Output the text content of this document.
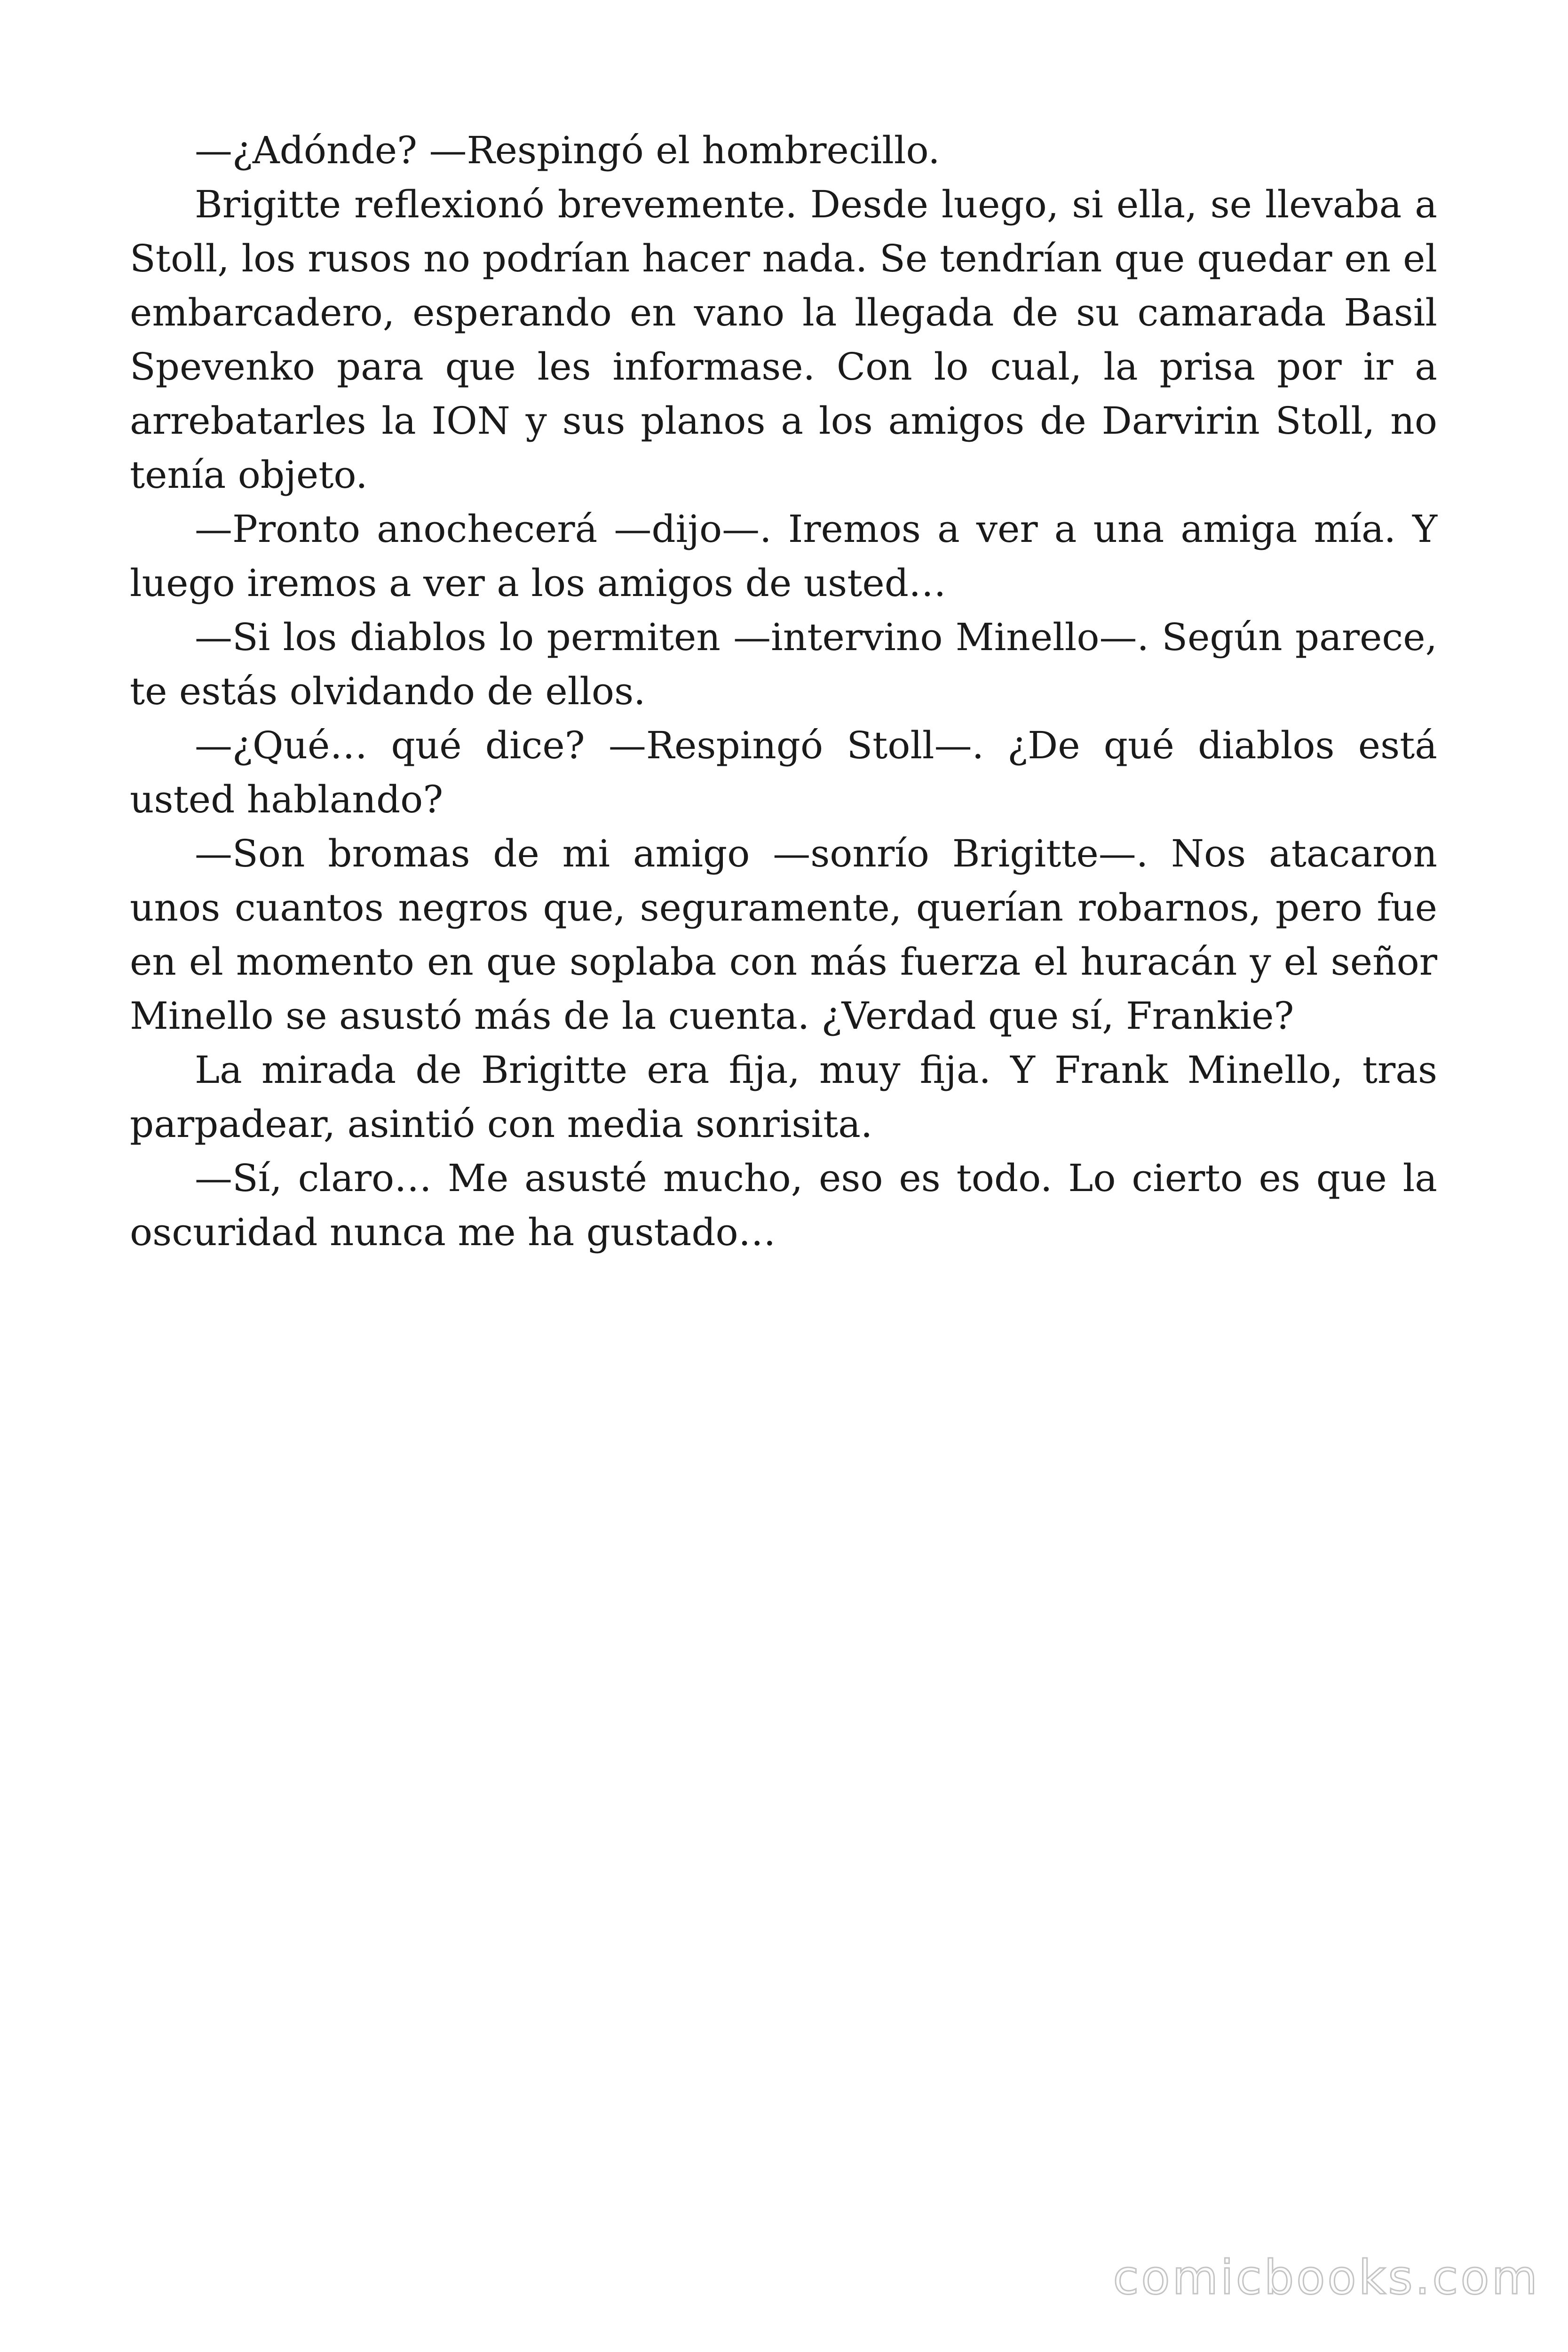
—¿Adónde? —Respingó el hombrecillo.

Brigitte reflexionó brevemente. Desde luego, si ella, se llevaba a Stoll, los rusos no podrían hacer nada. Se tendrían que quedar en el embarcadero, esperando en vano la llegada de su camarada Basil Spevenko para que les informase. Con lo cual, la prisa por ir a arrebatarles la ION y sus planos a los amigos de Darvirin Stoll, no tenía objeto.

—Pronto anochecerá —dijo—. Iremos a ver a una amiga mía. Y luego iremos a ver a los amigos de usted…

—Si los diablos lo permiten —intervino Minello—. Según parece, te estás olvidando de ellos.

—¿Qué… qué dice? —Respingó Stoll—. ¿De qué diablos está usted hablando?

—Son bromas de mi amigo —sonrío Brigitte—. Nos atacaron unos cuantos negros que, seguramente, querían robarnos, pero fue en el momento en que soplaba con más fuerza el huracán y el señor Minello se asustó más de la cuenta. ¿Verdad que sí, Frankie?

La mirada de Brigitte era fija, muy fija. Y Frank Minello, tras parpadear, asintió con media sonrisita.

—Sí, claro… Me asusté mucho, eso es todo. Lo cierto es que la oscuridad nunca me ha gustado…

comicbooks.com
